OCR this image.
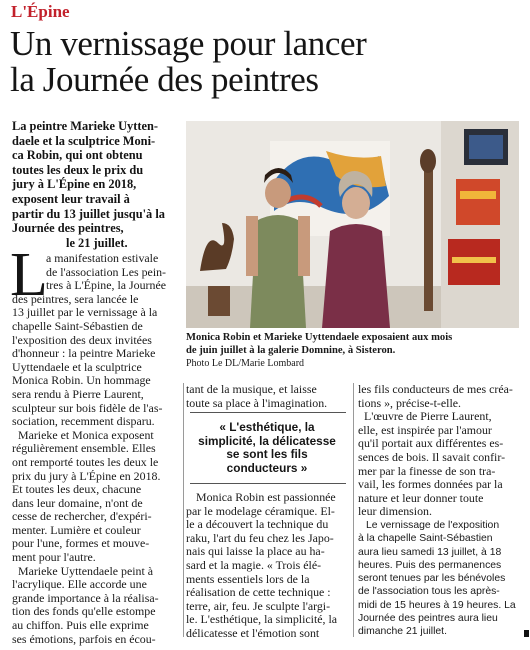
L'Épine
Un vernissage pour lancer
la Journée des peintres
La peintre Marieke Uytten-
daele et la sculptrice Moni-
ca Robin, qui ont obtenu
toutes les deux le prix du
jury à L'Épine en 2018,
exposent leur travail à
partir du 13 juillet jusqu'à la
Journée des peintres,
le 21 juillet.
Monica Robin et Marieke Uyttendaele exposaient aux mois
de juin juillet à la galerie Domnine, à Sisteron.
Photo Le DL/Marie Lombard
L
a manifestation estivale
de l'association Les pein-
tres à L'Épine, la Journée
des peintres, sera lancée le
13 juillet par le vernissage à la
chapelle Saint-Sébastien de
l'exposition des deux invitées
d'honneur : la peintre Marieke
Uyttendaele et la sculptrice
Monica Robin. Un hommage
sera rendu à Pierre Laurent,
sculpteur sur bois fidèle de l'as-
sociation, recemment disparu.
Marieke et Monica exposent
régulièrement ensemble. Elles
ont remporté toutes les deux le
prix du jury à L'Épine en 2018.
Et toutes les deux, chacune
dans leur domaine, n'ont de
cesse de rechercher, d'expéri-
menter. Lumière et couleur
pour l'une, formes et mouve-
ment pour l'autre.
Marieke Uyttendaele peint à
l'acrylique. Elle accorde une
grande importance à la réalisa-
tion des fonds qu'elle estompe
au chiffon. Puis elle exprime
ses émotions, parfois en écou-
tant de la musique, et laisse
toute sa place à l'imagination.
« L'esthétique, la
simplicité, la délicatesse
se sont les fils
conducteurs »
Monica Robin est passionnée
par le modelage céramique. El-
le a découvert la technique du
raku, l'art du feu chez les Japo-
nais qui laisse la place au ha-
sard et la magie. « Trois élé-
ments essentiels lors de la
réalisation de cette technique :
terre, air, feu. Je sculpte l'argi-
le. L'esthétique, la simplicité, la
délicatesse et l'émotion sont
les fils conducteurs de mes créa-
tions », précise-t-elle.
L'œuvre de Pierre Laurent,
elle, est inspirée par l'amour
qu'il portait aux différentes es-
sences de bois. Il savait confir-
mer par la finesse de son tra-
vail, les formes données par la
nature et leur donner toute
leur dimension.
Le vernissage de l'exposition
à la chapelle Saint-Sébastien
aura lieu samedi 13 juillet, à 18
heures. Puis des permanences
seront tenues par les bénévoles
de l'association tous les après-
midi de 15 heures à 19 heures. La
Journée des peintres aura lieu
dimanche 21 juillet.
